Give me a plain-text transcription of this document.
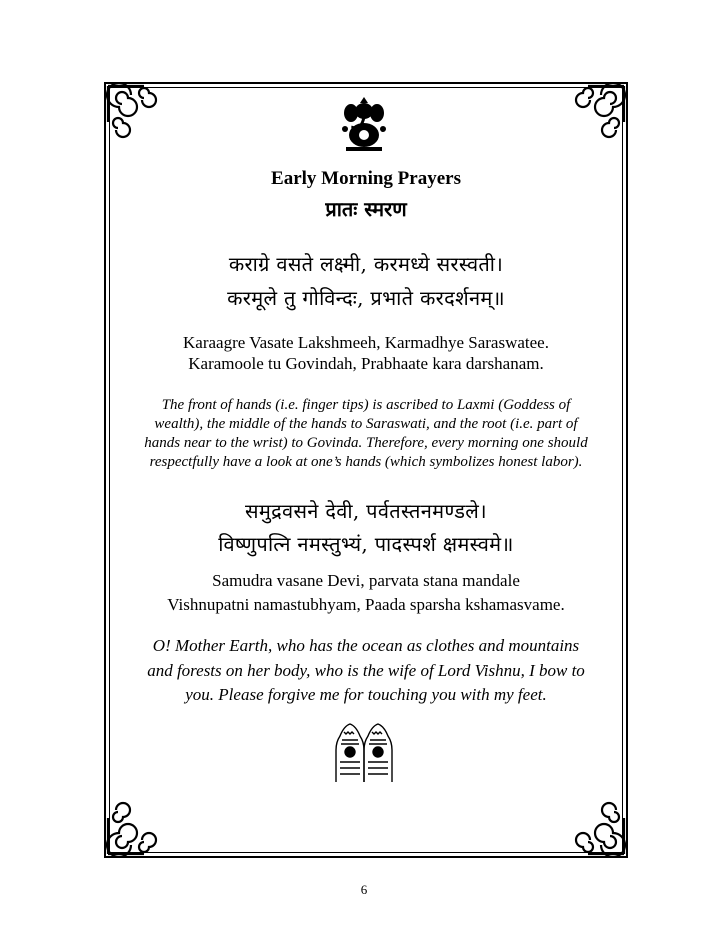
Early Morning Prayers
प्रातः स्मरण
कराग्रे वसते लक्ष्मी, करमध्ये सरस्वती।
करमूले तु गोविन्दः, प्रभाते करदर्शनम्॥
Karaagre Vasate Lakshmeeh, Karmadhye Saraswatee.
Karamoole tu Govindah, Prabhaate kara darshanam.
The front of hands (i.e. finger tips) is ascribed to Laxmi (Goddess of
wealth), the middle of the hands to Saraswati, and the root (i.e. part of
hands near to the wrist) to Govinda. Therefore, every morning one should
respectfully have a look at one’s hands (which symbolizes honest labor).
समुद्रवसने देवी, पर्वतस्तनमण्डले।
विष्णुपत्नि नमस्तुभ्यं, पादस्पर्श क्षमस्वमे॥
Samudra vasane Devi, parvata stana mandale
Vishnupatni namastubhyam, Paada sparsha kshamasvame.
O! Mother Earth, who has the ocean as clothes and mountains
and forests on her body, who is the wife of Lord Vishnu, I bow to
you. Please forgive me for touching you with my feet.
6
